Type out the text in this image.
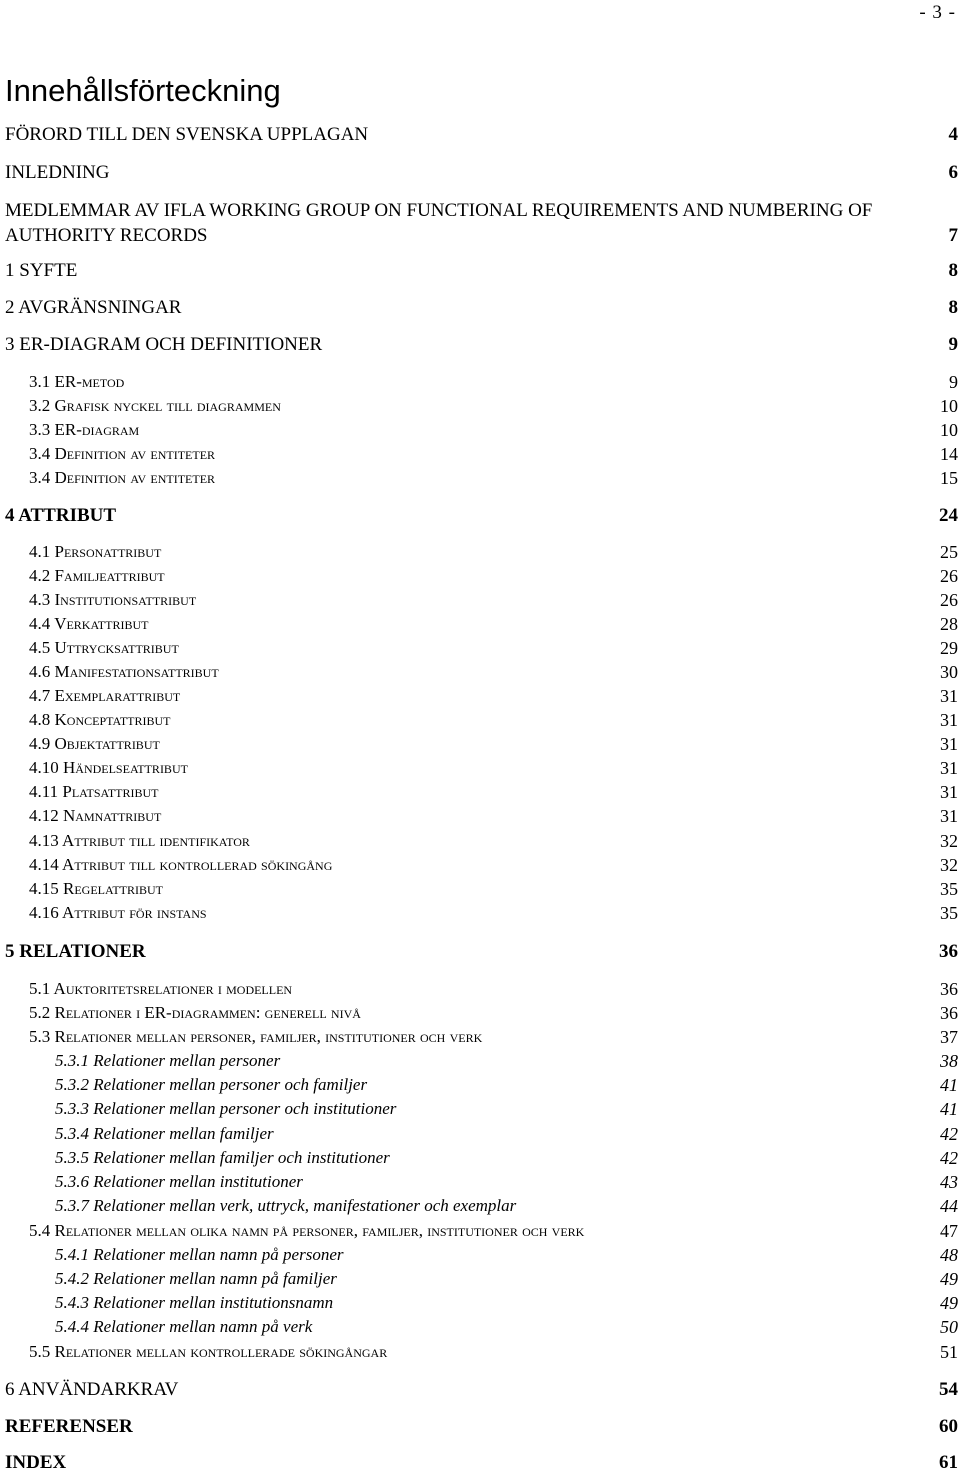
- 3 -
Innehållsförteckning
FÖRORD TILL DEN SVENSKA UPPLAGAN	4
INLEDNING	6
MEDLEMMAR AV IFLA WORKING GROUP ON FUNCTIONAL REQUIREMENTS AND NUMBERING OF AUTHORITY RECORDS	7
1 SYFTE	8
2 AVGRÄNSNINGAR	8
3 ER-DIAGRAM OCH DEFINITIONER	9
3.1 ER-metod	9
3.2 Grafisk nyckel till diagrammen	10
3.3 ER-diagram	10
3.4 Definition av entiteter	14
3.4 Definition av entiteter	15
4 ATTRIBUT	24
4.1 Personattribut	25
4.2 Familjeattribut	26
4.3 Institutionsattribut	26
4.4 Verkattribut	28
4.5 Uttrycksattribut	29
4.6 Manifestationsattribut	30
4.7 Exemplarattribut	31
4.8 Konceptattribut	31
4.9 Objektattribut	31
4.10 Händelseattribut	31
4.11 Platsattribut	31
4.12 Namnattribut	31
4.13 Attribut till identifikator	32
4.14 Attribut till kontrollerad sökingång	32
4.15 Regelattribut	35
4.16 Attribut för instans	35
5 RELATIONER	36
5.1 Auktoritetsrelationer i modellen	36
5.2 Relationer i ER-diagrammen: generell nivå	36
5.3 Relationer mellan personer, familjer, institutioner och verk	37
5.3.1 Relationer mellan personer	38
5.3.2 Relationer mellan personer och familjer	41
5.3.3 Relationer mellan personer och institutioner	41
5.3.4 Relationer mellan familjer	42
5.3.5 Relationer mellan familjer och institutioner	42
5.3.6 Relationer mellan institutioner	43
5.3.7 Relationer mellan verk, uttryck, manifestationer och exemplar	44
5.4 Relationer mellan olika namn på personer, familjer, institutioner och verk	47
5.4.1 Relationer mellan namn på personer	48
5.4.2 Relationer mellan namn på familjer	49
5.4.3 Relationer mellan institutionsnamn	49
5.4.4 Relationer mellan namn på verk	50
5.5 Relationer mellan kontrollerade sökingångar	51
6 ANVÄNDARKRAV	54
REFERENSER	60
INDEX	61
